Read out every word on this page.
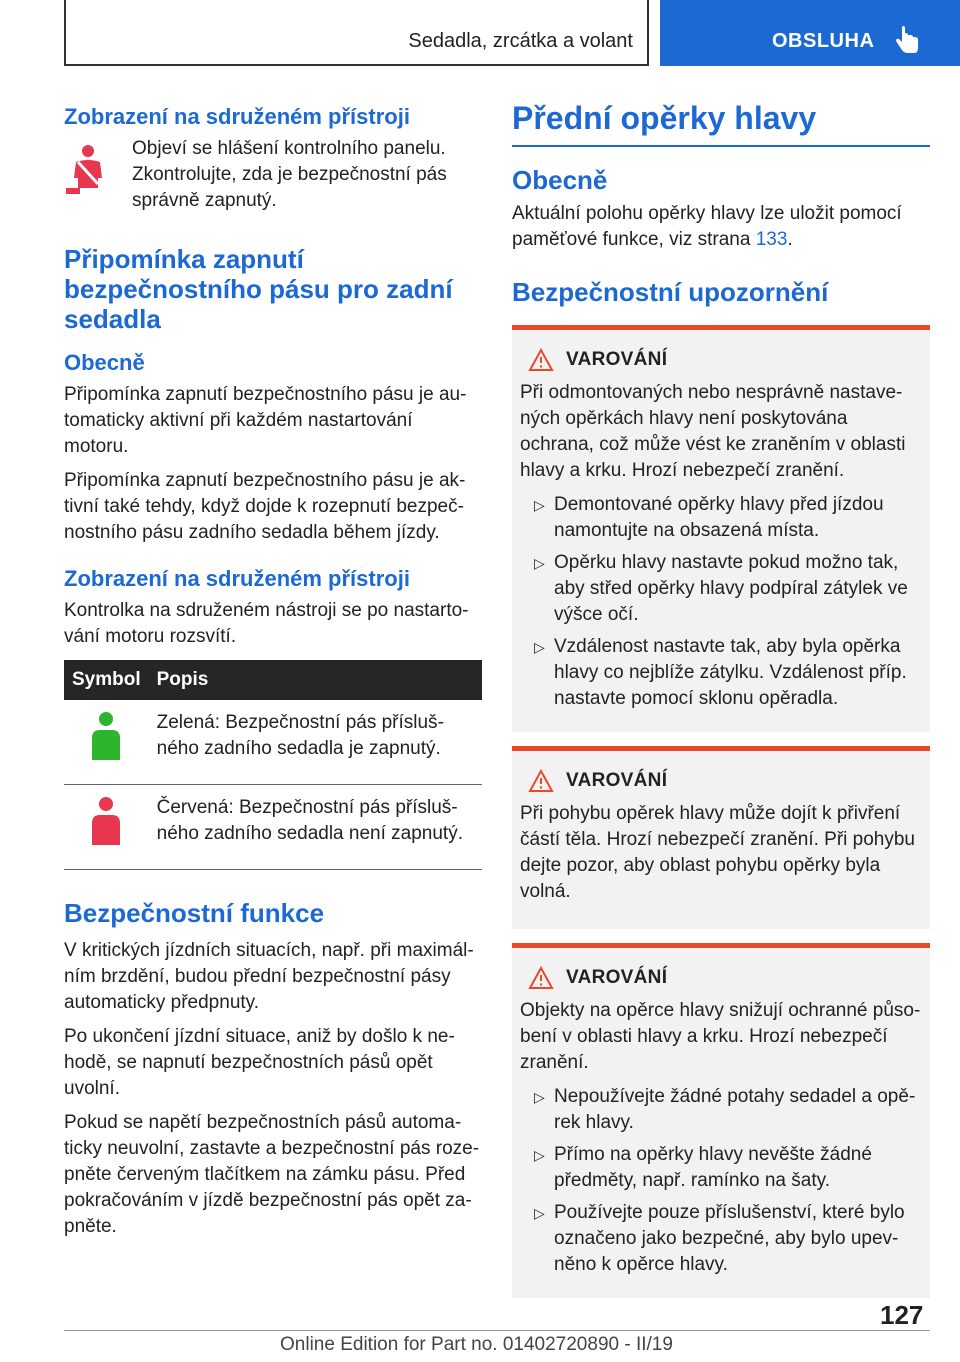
Sedadla, zrcátka a volant	OBSLUHA
Zobrazení na sdruženém přístroji

Objeví se hlášení kontrolního panelu. Zkontrolujte, zda je bezpečnostní pás správně zapnutý.

Připomínka zapnutí bezpečnostního pásu pro zadní sedadla
Obecně

Připomínka zapnutí bezpečnostního pásu je automaticky aktivní při každém nastartování motoru.

Připomínka zapnutí bezpečnostního pásu je aktivní také tehdy, když dojde k rozepnutí bezpečnostního pásu zadního sedadla během jízdy.

Zobrazení na sdruženém přístroji

Kontrolka na sdruženém nástroji se po nastartování motoru rozsvítí.

Symbol	Popis
	Zelená: Bezpečnostní pás příslušného zadního sedadla je zapnutý.
	Červená: Bezpečnostní pás příslušného zadního sedadla není zapnutý.
Bezpečnostní funkce

V kritických jízdních situacích, např. při maximálním brzdění, budou přední bezpečnostní pásy automaticky předpnuty.

Po ukončení jízdní situace, aniž by došlo k nehodě, se napnutí bezpečnostních pásů opět uvolní.

Pokud se napětí bezpečnostních pásů automaticky neuvolní, zastavte a bezpečnostní pás rozepněte červeným tlačítkem na zámku pásu. Před pokračováním v jízdě bezpečnostní pás opět zapněte.

Přední opěrky hlavy
Obecně

Aktuální polohu opěrky hlavy lze uložit pomocí paměťové funkce, viz strana 133.

Bezpečnostní upozornění
VAROVÁNÍ

Při odmontovaných nebo nesprávně nastavených opěrkách hlavy není poskytována ochrana, což může vést ke zraněním v oblasti hlavy a krku. Hrozí nebezpečí zranění.

▷ Demontované opěrky hlavy před jízdou namontujte na obsazená místa.
▷ Opěrku hlavy nastavte pokud možno tak, aby střed opěrky hlavy podpíral zátylek ve výšce očí.
▷ Vzdálenost nastavte tak, aby byla opěrka hlavy co nejblíže zátylku. Vzdálenost příp. nastavte pomocí sklonu opěradla.
VAROVÁNÍ

Při pohybu opěrek hlavy může dojít k přivření částí těla. Hrozí nebezpečí zranění. Při pohybu dejte pozor, aby oblast pohybu opěrky byla volná.

VAROVÁNÍ

Objekty na opěrce hlavy snižují ochranné působení v oblasti hlavy a krku. Hrozí nebezpečí zranění.

▷ Nepoužívejte žádné potahy sedadel a opěrek hlavy.
▷ Přímo na opěrky hlavy nevěšte žádné předměty, např. ramínko na šaty.
▷ Používejte pouze příslušenství, které bylo označeno jako bezpečné, aby bylo upevněno k opěrce hlavy.
127
Online Edition for Part no. 01402720890 - II/19
